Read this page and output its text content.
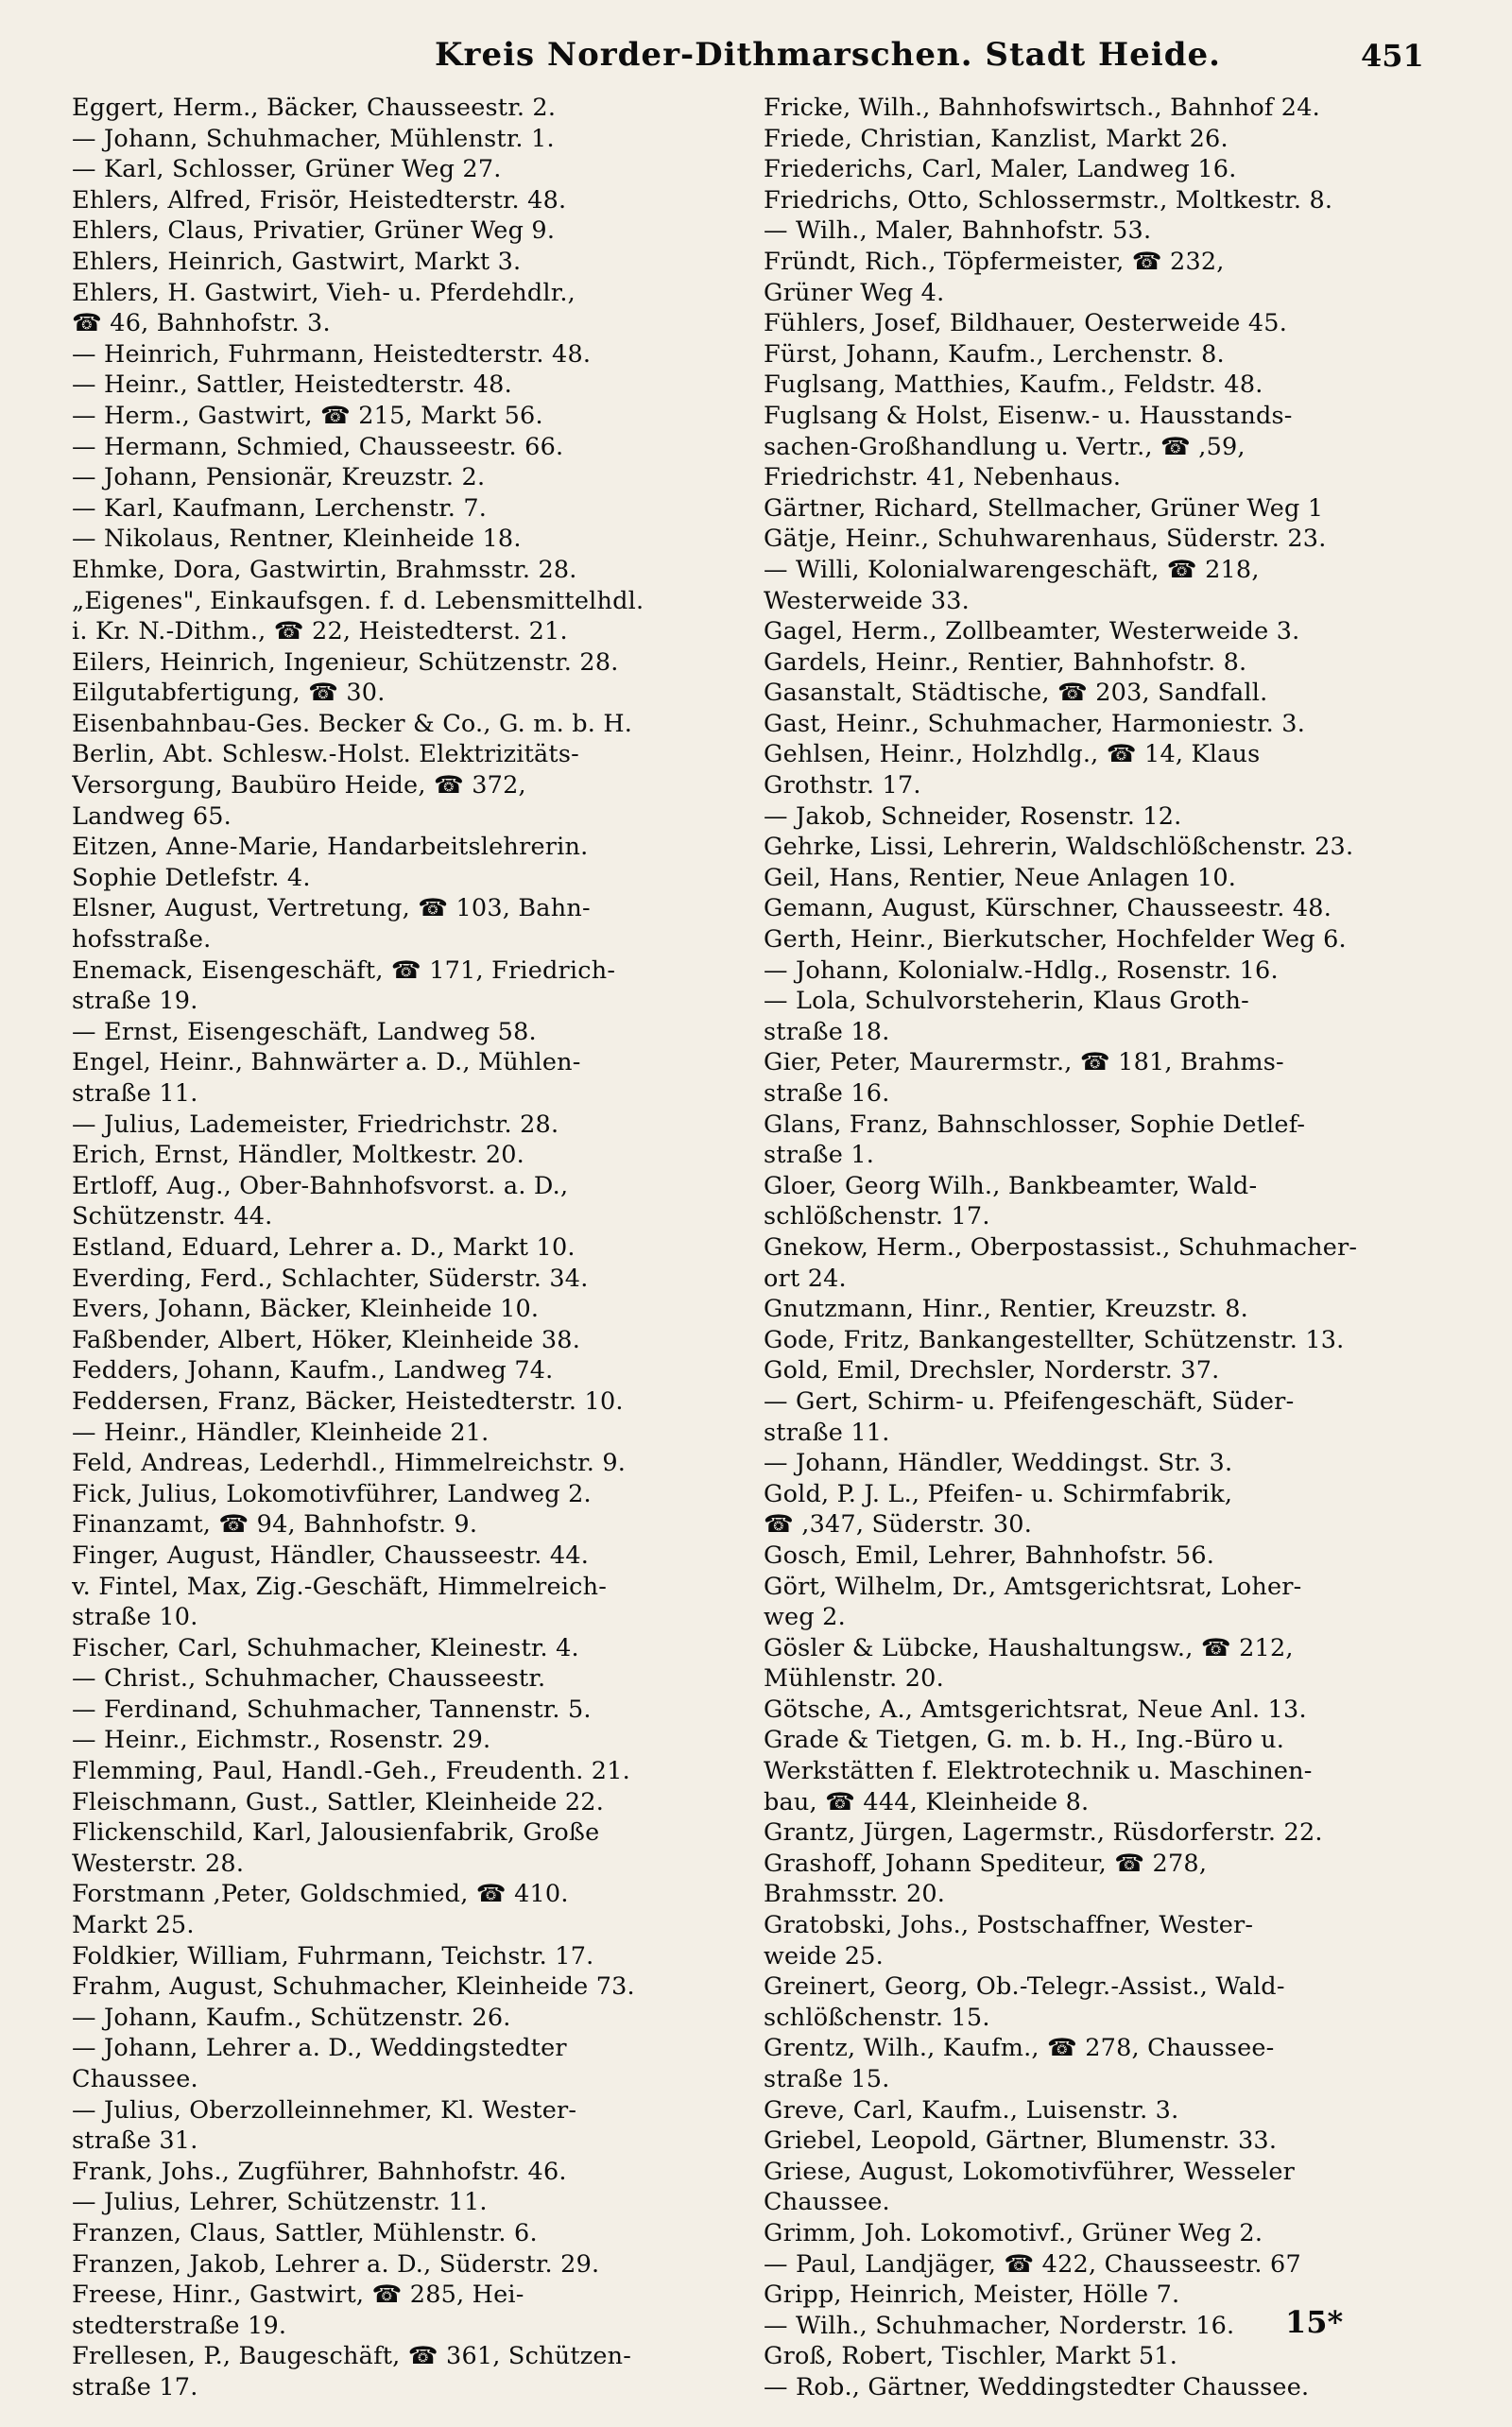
Kreis Norder-Dithmarschen. Stadt Heide.	451
Eggert, Herm., Bäcker, Chausseestr. 2.
— Johann, Schuhmacher, Mühlenstr. 1.
— Karl, Schlosser, Grüner Weg 27.
Ehlers, Alfred, Frisör, Heistedterstr. 48.
Ehlers, Claus, Privatier, Grüner Weg 9.
Ehlers, Heinrich, Gastwirt, Markt 3.
Ehlers, H. Gastwirt, Vieh- u. Pferdehdlr.,
☎ 46, Bahnhofstr. 3.
— Heinrich, Fuhrmann, Heistedterstr. 48.
— Heinr., Sattler, Heistedterstr. 48.
— Herm., Gastwirt, ☎ 215, Markt 56.
— Hermann, Schmied, Chausseestr. 66.
— Johann, Pensionär, Kreuzstr. 2.
— Karl, Kaufmann, Lerchenstr. 7.
— Nikolaus, Rentner, Kleinheide 18.
Ehmke, Dora, Gastwirtin, Brahmsstr. 28.
„Eigenes", Einkaufsgen. f. d. Lebensmittelhdl.
i. Kr. N.-Dithm., ☎ 22, Heistedterst. 21.
Eilers, Heinrich, Ingenieur, Schützenstr. 28.
Eilgutabfertigung, ☎ 30.
Eisenbahnbau-Ges. Becker & Co., G. m. b. H.
Berlin, Abt. Schlesw.-Holst. Elektrizitäts-
Versorgung, Baubüro Heide, ☎ 372,
Landweg 65.
Eitzen, Anne-Marie, Handarbeitslehrerin.
Sophie Detlefstr. 4.
Elsner, August, Vertretung, ☎ 103, Bahn-
hofsstraße.
Enemack, Eisengeschäft, ☎ 171, Friedrich-
straße 19.
— Ernst, Eisengeschäft, Landweg 58.
Engel, Heinr., Bahnwärter a. D., Mühlen-
straße 11.
— Julius, Lademeister, Friedrichstr. 28.
Erich, Ernst, Händler, Moltkestr. 20.
Ertloff, Aug., Ober-Bahnhofsvorst. a. D.,
Schützenstr. 44.
Estland, Eduard, Lehrer a. D., Markt 10.
Everding, Ferd., Schlachter, Süderstr. 34.
Evers, Johann, Bäcker, Kleinheide 10.
Faßbender, Albert, Höker, Kleinheide 38.
Fedders, Johann, Kaufm., Landweg 74.
Feddersen, Franz, Bäcker, Heistedterstr. 10.
— Heinr., Händler, Kleinheide 21.
Feld, Andreas, Lederhdl., Himmelreichstr. 9.
Fick, Julius, Lokomotivführer, Landweg 2.
Finanzamt, ☎ 94, Bahnhofstr. 9.
Finger, August, Händler, Chausseestr. 44.
v. Fintel, Max, Zig.-Geschäft, Himmelreich-
straße 10.
Fischer, Carl, Schuhmacher, Kleinestr. 4.
— Christ., Schuhmacher, Chausseestr.
— Ferdinand, Schuhmacher, Tannenstr. 5.
— Heinr., Eichmstr., Rosenstr. 29.
Flemming, Paul, Handl.-Geh., Freudenth. 21.
Fleischmann, Gust., Sattler, Kleinheide 22.
Flickenschild, Karl, Jalousienfabrik, Große
Westerstr. 28.
Forstmann ,Peter, Goldschmied, ☎ 410.
Markt 25.
Foldkier, William, Fuhrmann, Teichstr. 17.
Frahm, August, Schuhmacher, Kleinheide 73.
— Johann, Kaufm., Schützenstr. 26.
— Johann, Lehrer a. D., Weddingstedter
Chaussee.
— Julius, Oberzolleinnehmer, Kl. Wester-
straße 31.
Frank, Johs., Zugführer, Bahnhofstr. 46.
— Julius, Lehrer, Schützenstr. 11.
Franzen, Claus, Sattler, Mühlenstr. 6.
Franzen, Jakob, Lehrer a. D., Süderstr. 29.
Freese, Hinr., Gastwirt, ☎ 285, Hei-
stedterstraße 19.
Frellesen, P., Baugeschäft, ☎ 361, Schützen-
straße 17.
Fricke, Wilh., Bahnhofswirtsch., Bahnhof 24.
Friede, Christian, Kanzlist, Markt 26.
Friederichs, Carl, Maler, Landweg 16.
Friedrichs, Otto, Schlossermstr., Moltkestr. 8.
— Wilh., Maler, Bahnhofstr. 53.
Fründt, Rich., Töpfermeister, ☎ 232,
Grüner Weg 4.
Fühlers, Josef, Bildhauer, Oesterweide 45.
Fürst, Johann, Kaufm., Lerchenstr. 8.
Fuglsang, Matthies, Kaufm., Feldstr. 48.
Fuglsang & Holst, Eisenw.- u. Hausstands-
sachen-Großhandlung u. Vertr., ☎ ,59,
Friedrichstr. 41, Nebenhaus.
Gärtner, Richard, Stellmacher, Grüner Weg 1
Gätje, Heinr., Schuhwarenhaus, Süderstr. 23.
— Willi, Kolonialwarengeschäft, ☎ 218,
Westerweide 33.
Gagel, Herm., Zollbeamter, Westerweide 3.
Gardels, Heinr., Rentier, Bahnhofstr. 8.
Gasanstalt, Städtische, ☎ 203, Sandfall.
Gast, Heinr., Schuhmacher, Harmoniestr. 3.
Gehlsen, Heinr., Holzhdlg., ☎ 14, Klaus
Grothstr. 17.
— Jakob, Schneider, Rosenstr. 12.
Gehrke, Lissi, Lehrerin, Waldschlößchenstr. 23.
Geil, Hans, Rentier, Neue Anlagen 10.
Gemann, August, Kürschner, Chausseestr. 48.
Gerth, Heinr., Bierkutscher, Hochfelder Weg 6.
— Johann, Kolonialw.-Hdlg., Rosenstr. 16.
— Lola, Schulvorsteherin, Klaus Groth-
straße 18.
Gier, Peter, Maurermstr., ☎ 181, Brahms-
straße 16.
Glans, Franz, Bahnschlosser, Sophie Detlef-
straße 1.
Gloer, Georg Wilh., Bankbeamter, Wald-
schlößchenstr. 17.
Gnekow, Herm., Oberpostassist., Schuhmacher-
ort 24.
Gnutzmann, Hinr., Rentier, Kreuzstr. 8.
Gode, Fritz, Bankangestellter, Schützenstr. 13.
Gold, Emil, Drechsler, Norderstr. 37.
— Gert, Schirm- u. Pfeifengeschäft, Süder-
straße 11.
— Johann, Händler, Weddingst. Str. 3.
Gold, P. J. L., Pfeifen- u. Schirmfabrik,
☎ ,347, Süderstr. 30.
Gosch, Emil, Lehrer, Bahnhofstr. 56.
Gört, Wilhelm, Dr., Amtsgerichtsrat, Loher-
weg 2.
Gösler & Lübcke, Haushaltungsw., ☎ 212,
Mühlenstr. 20.
Götsche, A., Amtsgerichtsrat, Neue Anl. 13.
Grade & Tietgen, G. m. b. H., Ing.-Büro u.
Werkstätten f. Elektrotechnik u. Maschinen-
bau, ☎ 444, Kleinheide 8.
Grantz, Jürgen, Lagermstr., Rüsdorferstr. 22.
Grashoff, Johann Spediteur, ☎ 278,
Brahmsstr. 20.
Gratobski, Johs., Postschaffner, Wester-
weide 25.
Greinert, Georg, Ob.-Telegr.-Assist., Wald-
schlößchenstr. 15.
Grentz, Wilh., Kaufm., ☎ 278, Chaussee-
straße 15.
Greve, Carl, Kaufm., Luisenstr. 3.
Griebel, Leopold, Gärtner, Blumenstr. 33.
Griese, August, Lokomotivführer, Wesseler
Chaussee.
Grimm, Joh. Lokomotivf., Grüner Weg 2.
— Paul, Landjäger, ☎ 422, Chausseestr. 67
Gripp, Heinrich, Meister, Hölle 7.
— Wilh., Schuhmacher, Norderstr. 16.
Groß, Robert, Tischler, Markt 51.
— Rob., Gärtner, Weddingstedter Chaussee.
15*
